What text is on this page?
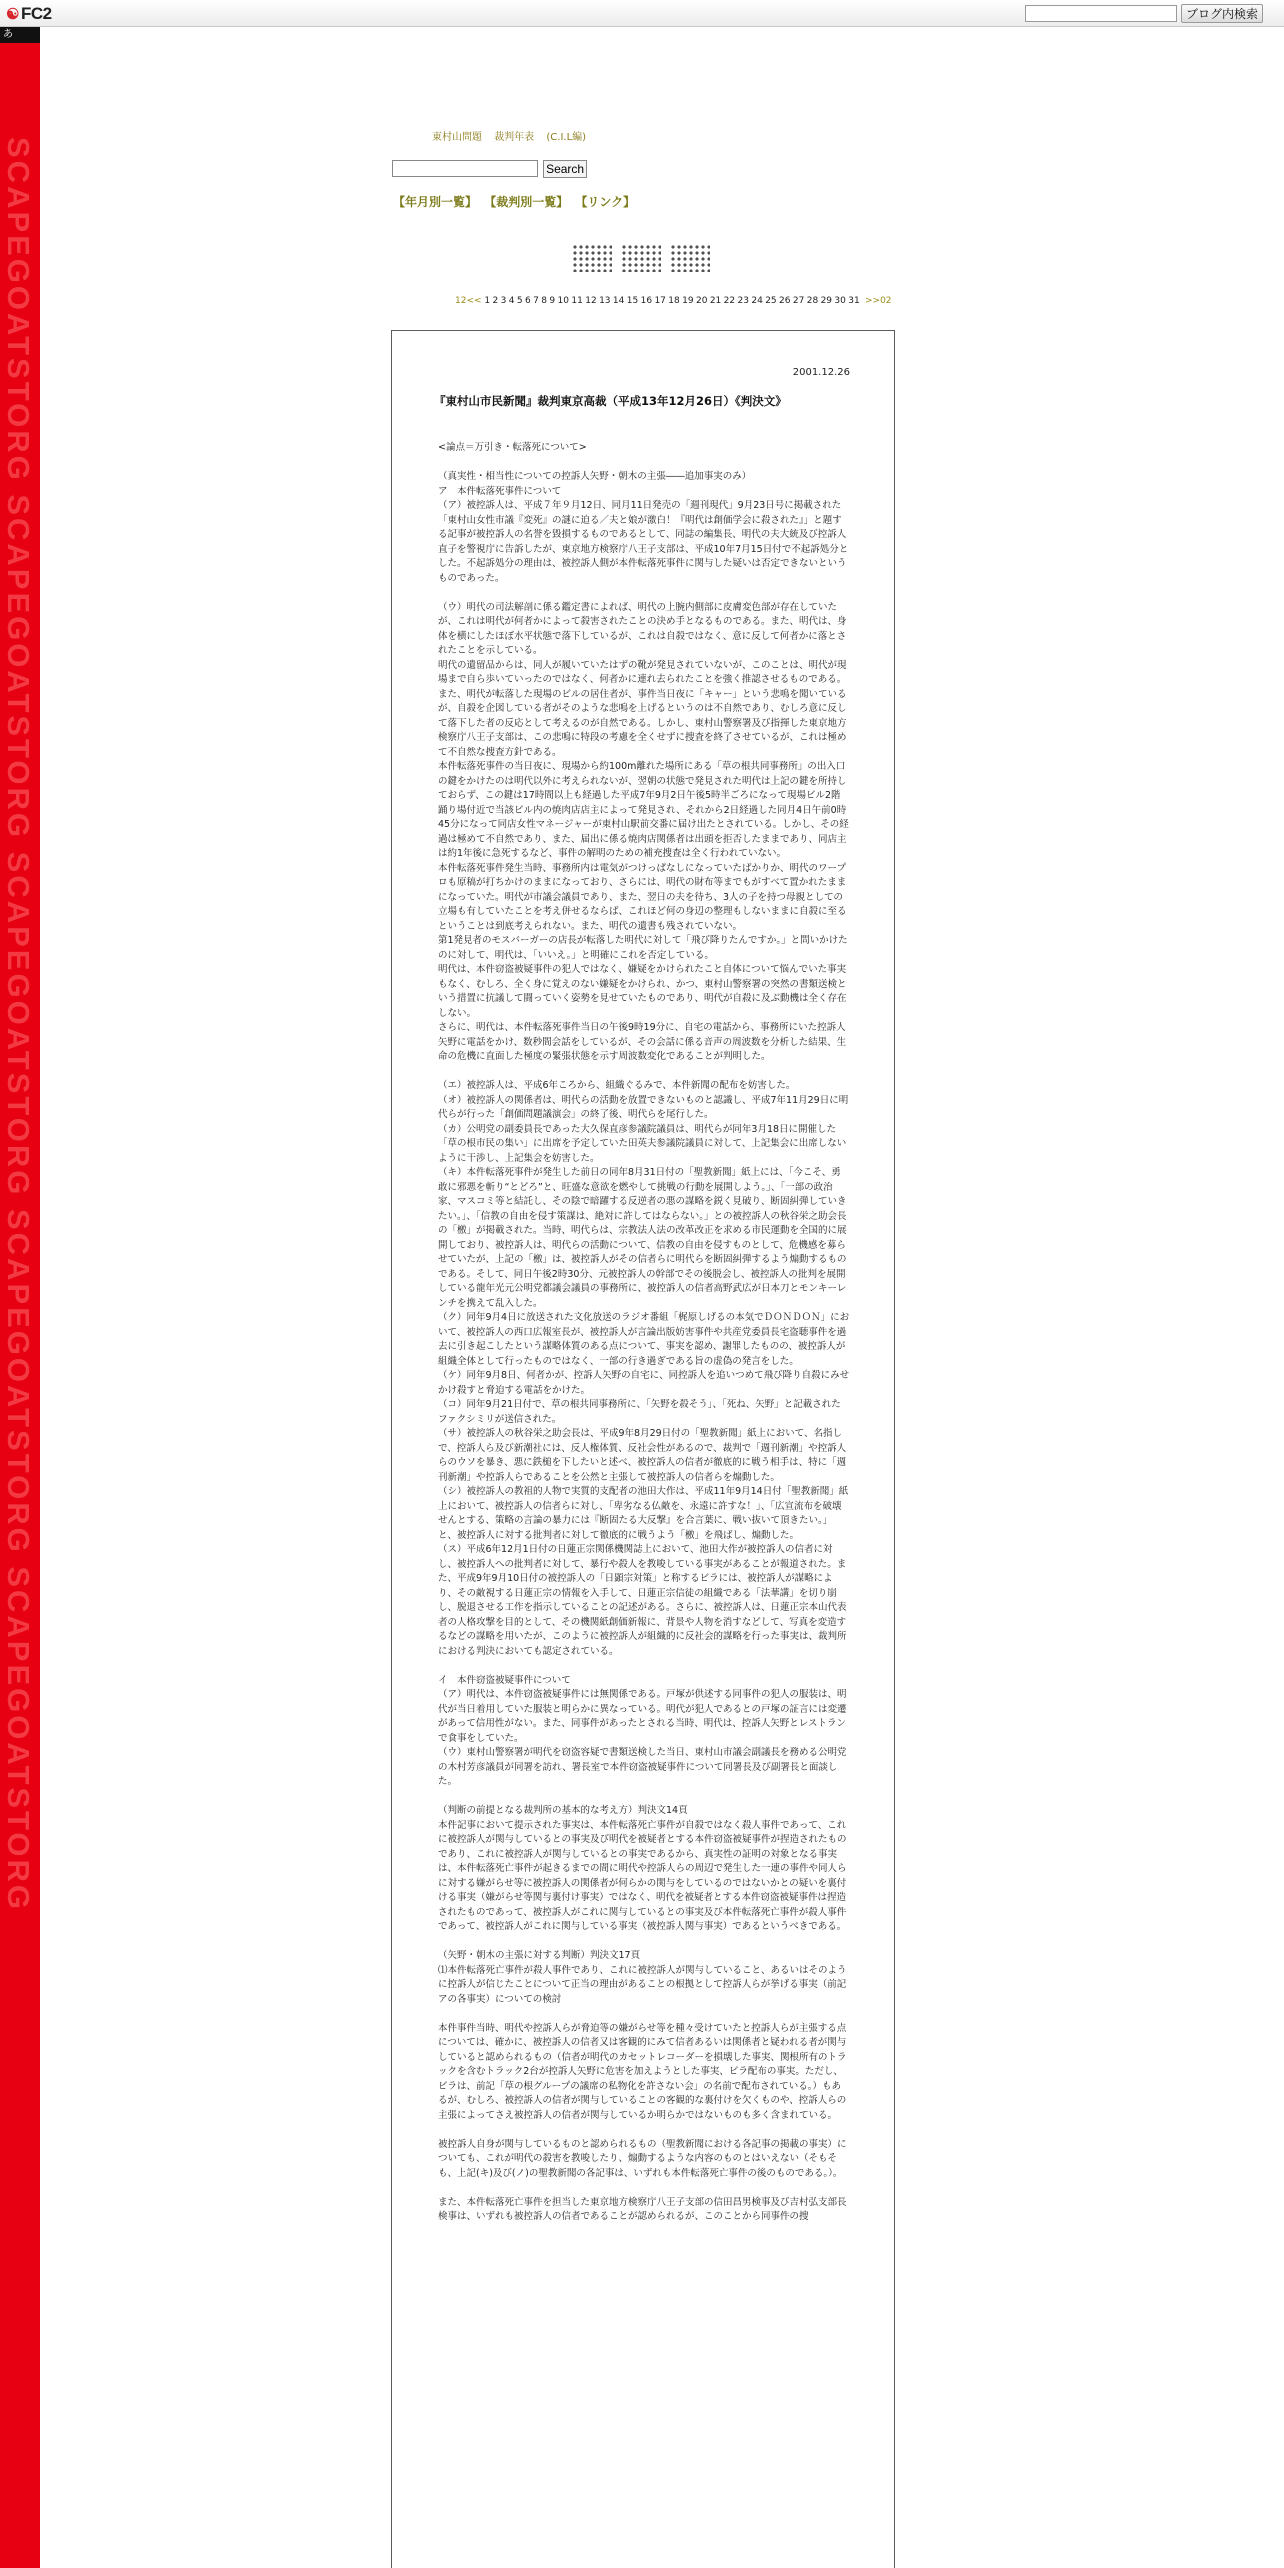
☯ FC2	ブログ内検索
あ
SCAPEGOATSTORG SCAPEGOATSTORG SCAPEGOATSTORG SCAPEGOATSTORG SCAPEGOATSTORG	東村山問題 裁判年表 (C.I.L編)
Search
【年月別一覧】 【裁判別一覧】 【リンク】
12<< 1 2 3 4 5 6 7 8 9 10 11 12 13 14 15 16 17 18 19 20 21 22 23 24 25 26 27 28 29 30 31 >>02
2001.12.26
『東村山市民新聞』裁判東京高裁（平成13年12月26日）《判決文》

<論点＝万引き・転落死について>

（真実性・相当性についての控訴人矢野・朝木の主張――追加事実のみ）
ア　本件転落死事件について
（ア）被控訴人は、平成７年９月12日、同月11日発売の「週刊現代」9月23日号に掲載された「東村山女性市議『変死』の謎に迫る／夫と娘が激白！『明代は創価学会に殺された』」と題する記事が被控訴人の名誉を毀損するものであるとして、同誌の編集長、明代の夫大統及び控訴人直子を警視庁に告訴したが、東京地方検察庁八王子支部は、平成10年7月15日付で不起訴処分とした。不起訴処分の理由は、被控訴人側が本件転落死事件に関与した疑いは否定できないというものであった。

（ウ）明代の司法解剖に係る鑑定書によれば、明代の上腕内側部に皮膚変色部が存在していたが、これは明代が何者かによって殺害されたことの決め手となるものである。また、明代は、身体を横にしたほぼ水平状態で落下しているが、これは自殺ではなく、意に反して何者かに落とされたことを示している。
明代の遺留品からは、同人が履いていたはずの靴が発見されていないが、このことは、明代が現場まで自ら歩いていったのではなく、何者かに連れ去られたことを強く推認させるものである。
また、明代が転落した現場のビルの居住者が、事件当日夜に「キャー」という悲鳴を聞いているが、自殺を企図している者がそのような悲鳴を上げるというのは不自然であり、むしろ意に反して落下した者の反応として考えるのが自然である。しかし、東村山警察署及び指揮した東京地方検察庁八王子支部は、この悲鳴に特段の考慮を全くせずに捜査を終了させているが、これは極めて不自然な捜査方針である。
本件転落死事件の当日夜に、現場から約100m離れた場所にある「草の根共同事務所」の出入口の鍵をかけたのは明代以外に考えられないが、翌朝の状態で発見された明代は上記の鍵を所持しておらず、この鍵は17時間以上も経過した平成7年9月2日午後5時半ごろになって現場ビル2階踊り場付近で当該ビル内の焼肉店店主によって発見され、それから2日経過した同月4日午前0時45分になって同店女性マネージャーが東村山駅前交番に届け出たとされている。しかし、その経過は極めて不自然であり、また、届出に係る焼肉店関係者は出頭を拒否したままであり、同店主は約1年後に急死するなど、事件の解明のための補充捜査は全く行われていない。
本件転落死事件発生当時、事務所内は電気がつけっぱなしになっていたばかりか、明代のワープロも原稿が打ちかけのままになっており、さらには、明代の財布等までもがすべて置かれたままになっていた。明代が市議会議員であり、また、翌日の夫を待ち、3人の子を持つ母親としての立場も有していたことを考え併せるならば、これほど何の身辺の整理もしないままに自殺に至るということは到底考えられない。また、明代の遺書も残されていない。
第1発見者のモスバーガーの店長が転落した明代に対して「飛び降りたんですか。」と問いかけたのに対して、明代は、「いいえ。」と明確にこれを否定している。
明代は、本件窃盗被疑事件の犯人ではなく、嫌疑をかけられたこと自体について悩んでいた事実もなく、むしろ、全く身に覚えのない嫌疑をかけられ、かつ、東村山警察署の突然の書類送検という措置に抗議して闘っていく姿勢を見せていたものであり、明代が自殺に及ぶ動機は全く存在しない。
さらに、明代は、本件転落死事件当日の午後9時19分に、自宅の電話から、事務所にいた控訴人矢野に電話をかけ、数秒間会話をしているが、その会話に係る音声の周波数を分析した結果、生命の危機に直面した極度の緊張状態を示す周波数変化であることが判明した。

（エ）被控訴人は、平成6年ころから、組織ぐるみで、本件新聞の配布を妨害した。
（オ）被控訴人の関係者は、明代らの活動を放置できないものと認識し、平成7年11月29日に明代らが行った「創価問題議演会」の終了後、明代らを尾行した。
（カ）公明党の副委員長であった大久保直彦参議院議員は、明代らが同年3月18日に開催した「草の根市民の集い」に出席を予定していた田英夫参議院議員に対して、上記集会に出席しないように干渉し、上記集会を妨害した。
（キ）本件転落死事件が発生した前日の同年8月31日付の「聖教新聞」紙上には、「今こそ、勇敢に邪悪を斬り“とどろ”と、旺盛な意欲を燃やして挑戦の行動を展開しよう。」、「一部の政治家、マスコミ等と結託し、その陰で暗躍する反逆者の悪の謀略を鋭く見破り、断固糾弾していきたい。」、「信教の自由を侵す策謀は、絶対に許してはならない。」との被控訴人の秋谷栄之助会長の「檄」が掲載された。当時、明代らは、宗教法人法の改革改正を求める市民運動を全国的に展開しており、被控訴人は、明代らの活動について、信教の自由を侵すものとして、危機感を募らせていたが、上記の「檄」は、被控訴人がその信者らに明代らを断固糾弾するよう煽動するものである。そして、同日午後2時30分、元被控訴人の幹部でその後脱会し、被控訴人の批判を展開している龍年光元公明党都議会議員の事務所に、被控訴人の信者高野武広が日本刀とモンキーレンチを携えて乱入した。
（ク）同年9月4日に放送された文化放送のラジオ番組「梶原しげるの本気でＤＯＮＤＯＮ」において、被控訴人の西口広報室長が、被控訴人が言論出版妨害事件や共産党委員長宅盗聴事件を過去に引き起こしたという謀略体質のある点について、事実を認め、謝罪したものの、被控訴人が組織全体として行ったものではなく、一部の行き過ぎである旨の虚偽の発言をした。
（ケ）同年9月8日、何者かが、控訴人矢野の自宅に、同控訴人を追いつめて飛び降り自殺にみせかけ殺すと脅迫する電話をかけた。
（コ）同年9月21日付で、草の根共同事務所に、「矢野を殺そう」、「死ね、矢野」と記載されたファクシミリが送信された。
（サ）被控訴人の秋谷栄之助会長は、平成9年8月29日付の「聖教新聞」紙上において、名指しで、控訴人ら及び新潮社には、反人権体質、反社会性があるので、裁判で「週刊新潮」や控訴人らのウソを暴き、悪に鉄槌を下したいと述べ、被控訴人の信者が徹底的に戦う相手は、特に「週刊新潮」や控訴人らであることを公然と主張して被控訴人の信者らを煽動した。
（シ）被控訴人の教祖的人物で実質的支配者の池田大作は、平成11年9月14日付「聖教新聞」紙上において、被控訴人の信者らに対し、「卑劣なる仏敵を、永遠に許すな！」、「広宣流布を破壊せんとする、策略の言論の暴力には『断固たる大反撃』を合言葉に、戦い抜いて頂きたい。」と、被控訴人に対する批判者に対して徹底的に戦うよう「檄」を飛ばし、煽動した。
（ス）平成6年12月1日付の日蓮正宗関係機関誌上において、池田大作が被控訴人の信者に対し、被控訴人への批判者に対して、暴行や殺人を教唆している事実があることが報道された。また、平成9年9月10日付の被控訴人の「日顕宗対策」と称するビラには、被控訴人が謀略により、その敵視する日蓮正宗の情報を入手して、日蓮正宗信徒の組織である「法華講」を切り崩し、脱退させる工作を指示していることの記述がある。さらに、被控訴人は、日蓮正宗本山代表者の人格攻撃を目的として、その機関紙創価新報に、背景や人物を消すなどして、写真を変造するなどの謀略を用いたが、このように被控訴人が組織的に反社会的謀略を行った事実は、裁判所における判決においても認定されている。

イ　本件窃盗被疑事件について
（ア）明代は、本件窃盗被疑事件には無関係である。戸塚が供述する同事件の犯人の服装は、明代が当日着用していた服装と明らかに異なっている。明代が犯人であるとの戸塚の証言には変遷があって信用性がない。また、同事件があったとされる当時、明代は、控訴人矢野とレストランで食事をしていた。
（ウ）東村山警察署が明代を窃盗容疑で書類送検した当日、東村山市議会副議長を務める公明党の木村芳彦議員が同署を訪れ、署長室で本件窃盗被疑事件について同署長及び副署長と面談した。

（判断の前提となる裁判所の基本的な考え方）判決文14頁
本件記事において提示された事実は、本件転落死亡事件が自殺ではなく殺人事件であって、これに被控訴人が関与しているとの事実及び明代を被疑者とする本件窃盗被疑事件が捏造されたものであり、これに被控訴人が関与しているとの事実であるから、真実性の証明の対象となる事実は、本件転落死亡事件が起きるまでの間に明代や控訴人らの周辺で発生した一連の事件や同人らに対する嫌がらせ等に被控訴人の関係者が何らかの関与をしているのではないかとの疑いを裏付ける事実（嫌がらせ等関与裏付け事実）ではなく、明代を被疑者とする本件窃盗被疑事件は捏造されたものであって、被控訴人がこれに関与しているとの事実及び本件転落死亡事件が殺人事件であって、被控訴人がこれに関与している事実（被控訴人関与事実）であるというべきである。

（矢野・朝木の主張に対する判断）判決文17頁
⑴本件転落死亡事件が殺人事件であり、これに被控訴人が関与していること、あるいはそのように控訴人が信じたことについて正当の理由があることの根拠として控訴人らが挙げる事実（前記アの各事実）についての検討

本件事件当時、明代や控訴人らが脅迫等の嫌がらせ等を種々受けていたと控訴人らが主張する点については、確かに、被控訴人の信者又は客観的にみて信者あるいは関係者と疑われる者が関与していると認められるもの（信者が明代のカセットレコーダーを損壊した事実、関根所有のトラックを含むトラック2台が控訴人矢野に危害を加えようとした事実、ビラ配布の事実。ただし、ビラは、前記「草の根グループの議席の私物化を許さない会」の名前で配布されている。）もあるが、むしろ、被控訴人の信者が関与していることの客観的な裏付けを欠くものや、控訴人らの主張によってさえ被控訴人の信者が関与しているか明らかではないものも多く含まれている。

被控訴人自身が関与しているものと認められるもの（聖教新聞における各記事の掲載の事実）についても、これが明代の殺害を教唆したり、煽動するような内容のものとはいえない（そもそも、上記(キ)及び(ノ)の聖教新聞の各記事は、いずれも本件転落死亡事件の後のものである。）。

また、本件転落死亡事件を担当した東京地方検察庁八王子支部の信田昌男検事及び吉村弘支部長検事は、いずれも被控訴人の信者であることが認められるが、このことから同事件の捜
